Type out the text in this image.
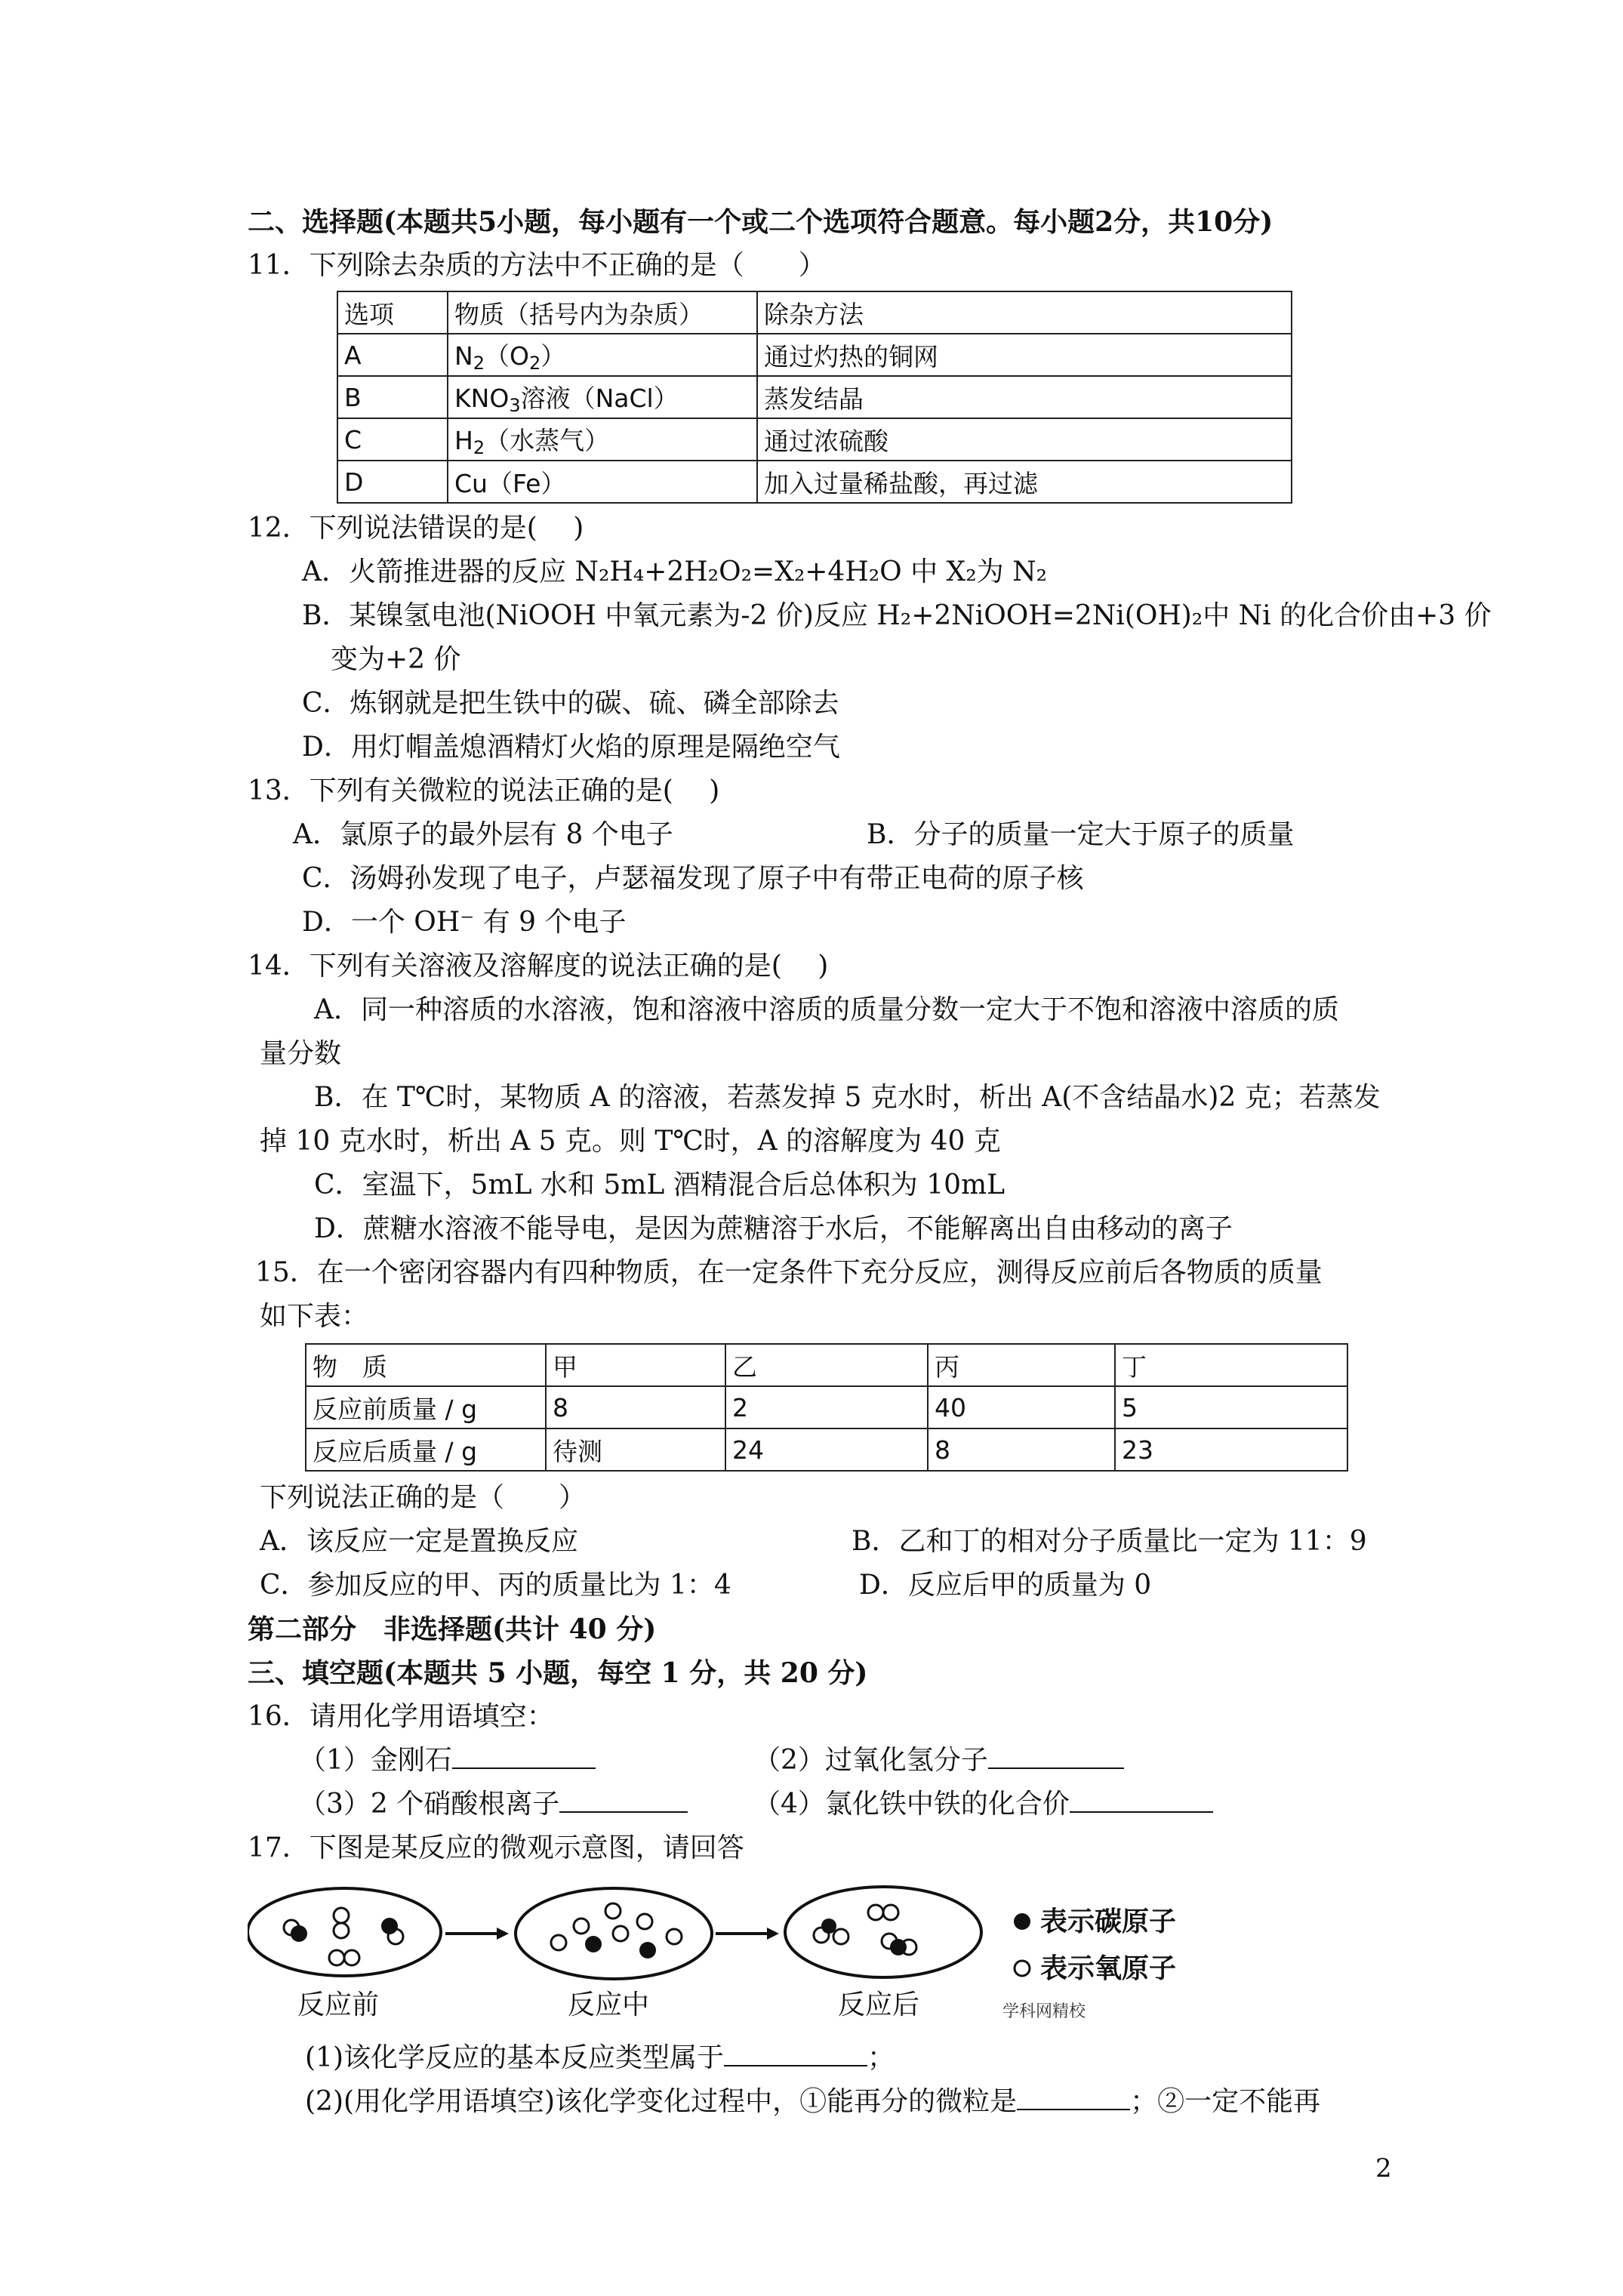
二、选择题(本题共5小题，每小题有一个或二个选项符合题意。每小题2分，共10分)
11．下列除去杂质的方法中不正确的是（　　）
选项	物质（括号内为杂质）	除杂方法
A	$N_2(O_2)$	通过灼热的铜网
B	$KNO_3$溶液（NaCl）	蒸发结晶
C	$H_2$（水蒸气）	通过浓硫酸
D	Cu（Fe）	加入过量稀盐酸，再过滤
12．下列说法错误的是(　 )
A．火箭推进器的反应 N₂H₄+2H₂O₂=X₂+4H₂O 中 X₂为 N₂
B．某镍氢电池(NiOOH 中氧元素为-2 价)反应 H₂+2NiOOH=2Ni(OH)₂中 Ni 的化合价由+3 价
变为+2 价
C．炼钢就是把生铁中的碳、硫、磷全部除去
D．用灯帽盖熄酒精灯火焰的原理是隔绝空气
13．下列有关微粒的说法正确的是(　 )
A．氯原子的最外层有 8 个电子	B．分子的质量一定大于原子的质量
C．汤姆孙发现了电子，卢瑟福发现了原子中有带正电荷的原子核
D．一个 OH⁻ 有 9 个电子
14．下列有关溶液及溶解度的说法正确的是(　 )
A．同一种溶质的水溶液，饱和溶液中溶质的质量分数一定大于不饱和溶液中溶质的质
量分数
B．在 T℃时，某物质 A 的溶液，若蒸发掉 5 克水时，析出 A(不含结晶水)2 克；若蒸发
掉 10 克水时，析出 A 5 克。则 T℃时，A 的溶解度为 40 克
C．室温下，5mL 水和 5mL 酒精混合后总体积为 10mL
D．蔗糖水溶液不能导电，是因为蔗糖溶于水后，不能解离出自由移动的离子
15．在一个密闭容器内有四种物质，在一定条件下充分反应，测得反应前后各物质的质量
如下表：
物　质	甲	乙	丙	丁
反应前质量 / g	8	2	40	5
反应后质量 / g	待测	24	8	23
下列说法正确的是（　　）
A．该反应一定是置换反应	B．乙和丁的相对分子质量比一定为 11：9
C．参加反应的甲、丙的质量比为 1：4	D．反应后甲的质量为 0
第二部分　非选择题(共计 40 分)
三、填空题(本题共 5 小题，每空 1 分，共 20 分)
16．请用化学用语填空：
（1）金刚石	（2）过氧化氢分子
（3）2 个硝酸根离子	（4）氯化铁中铁的化合价
17．下图是某反应的微观示意图，请回答
表示碳原子
表示氧原子
学科网精校
反应前	反应中	反应后
(1)该化学反应的基本反应类型属于	；
(2)(用化学用语填空)该化学变化过程中，①能再分的微粒是	；②一定不能再
2
